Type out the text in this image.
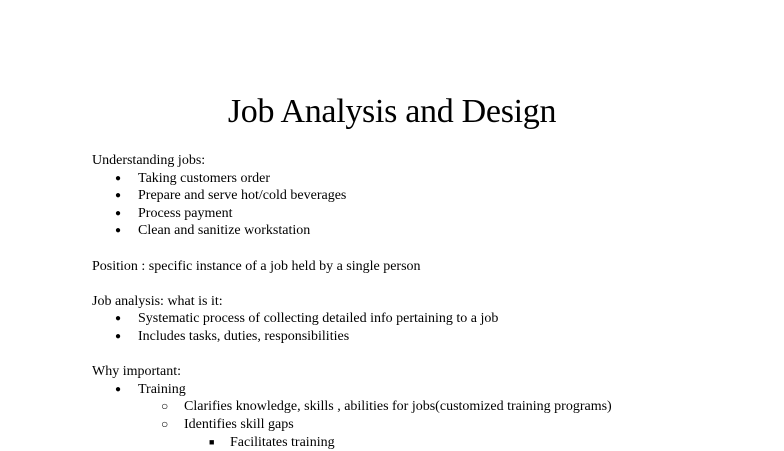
Job Analysis and Design

Understanding jobs:

● Taking customers order
● Prepare and serve hot/cold beverages
● Process payment
● Clean and sanitize workstation

Position : specific instance of a job held by a single person

Job analysis: what is it:

● Systematic process of collecting detailed info pertaining to a job
● Includes tasks, duties, responsibilities

Why important:

● Training
○ Clarifies knowledge, skills , abilities for jobs(customized training programs)
○ Identifies skill gaps
■ Facilitates training
